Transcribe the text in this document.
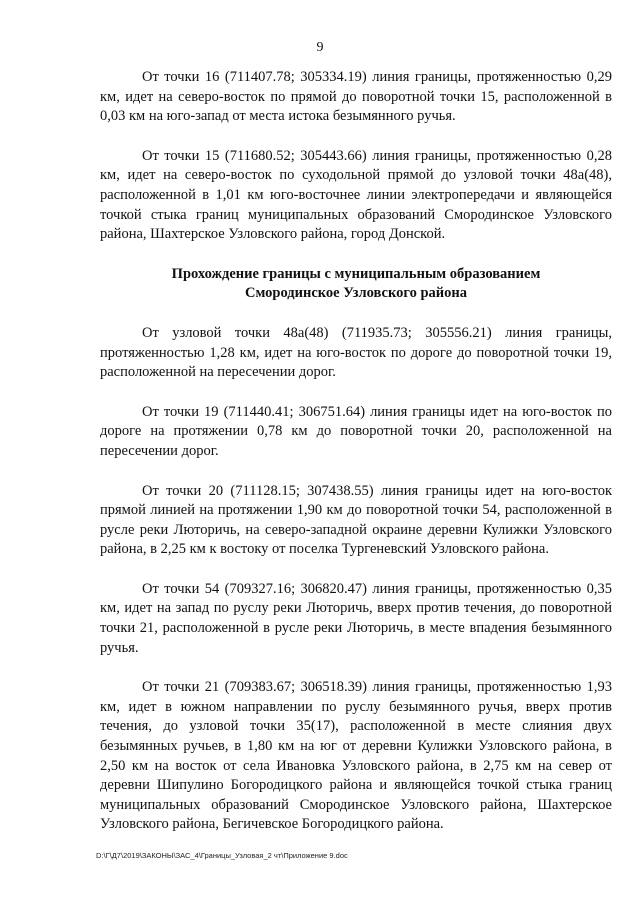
9

От точки 16 (711407.78; 305334.19) линия границы, протяженностью 0,29 км, идет на северо-восток по прямой до поворотной точки 15, расположенной в 0,03 км на юго-запад от места истока безымянного ручья.

От точки 15 (711680.52; 305443.66) линия границы, протяженностью 0,28 км, идет на северо-восток по суходольной прямой до узловой точки 48а(48), расположенной в 1,01 км юго-восточнее линии электропередачи и являющейся точкой стыка границ муниципальных образований Смородинское Узловского района, Шахтерское Узловского района, город Донской.

Прохождение границы с муниципальным образованием
Смородинское Узловского района

От узловой точки 48а(48) (711935.73; 305556.21) линия границы, протяженностью 1,28 км, идет на юго-восток по дороге до поворотной точки 19, расположенной на пересечении дорог.

От точки 19 (711440.41; 306751.64) линия границы идет на юго-восток по дороге на протяжении 0,78 км до поворотной точки 20, расположенной на пересечении дорог.

От точки 20 (711128.15; 307438.55) линия границы идет на юго-восток прямой линией на протяжении 1,90 км до поворотной точки 54, расположенной в русле реки Люторичь, на северо-западной окраине деревни Кулижки Узловского района, в 2,25 км к востоку от поселка Тургеневский Узловского района.

От точки 54 (709327.16; 306820.47) линия границы, протяженностью 0,35 км, идет на запад по руслу реки Люторичь, вверх против течения, до поворотной точки 21, расположенной в русле реки Люторичь, в месте впадения безымянного ручья.

От точки 21 (709383.67; 306518.39) линия границы, протяженностью 1,93 км, идет в южном направлении по руслу безымянного ручья, вверх против течения, до узловой точки 35(17), расположенной в месте слияния двух безымянных ручьев, в 1,80 км на юг от деревни Кулижки Узловского района, в 2,50 км на восток от села Ивановка Узловского района, в 2,75 км на север от деревни Шипулино Богородицкого района и являющейся точкой стыка границ муниципальных образований Смородинское Узловского района, Шахтерское Узловского района, Бегичевское Богородицкого района.

D:\Г\Д7\2019\ЗАКОНЫ\ЗАС_4\Границы_Узловая_2 чт\Приложение 9.doc
